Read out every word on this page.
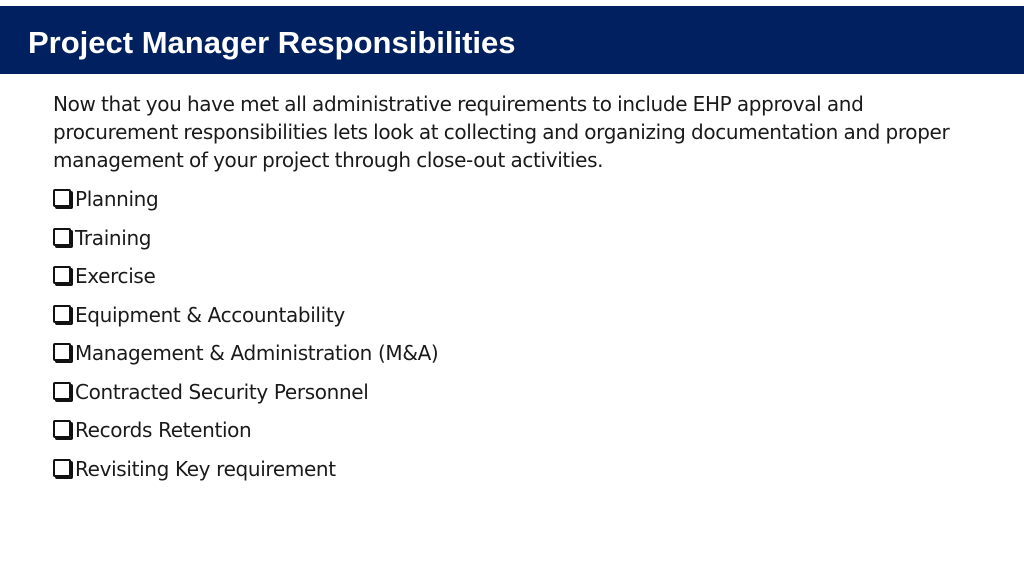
Project Manager Responsibilities

Now that you have met all administrative requirements to include EHP approval and procurement responsibilities lets look at collecting and organizing documentation and proper management of your project through close-out activities.

Planning
Training
Exercise
Equipment & Accountability
Management & Administration (M&A)
Contracted Security Personnel
Records Retention
Revisiting Key requirement
